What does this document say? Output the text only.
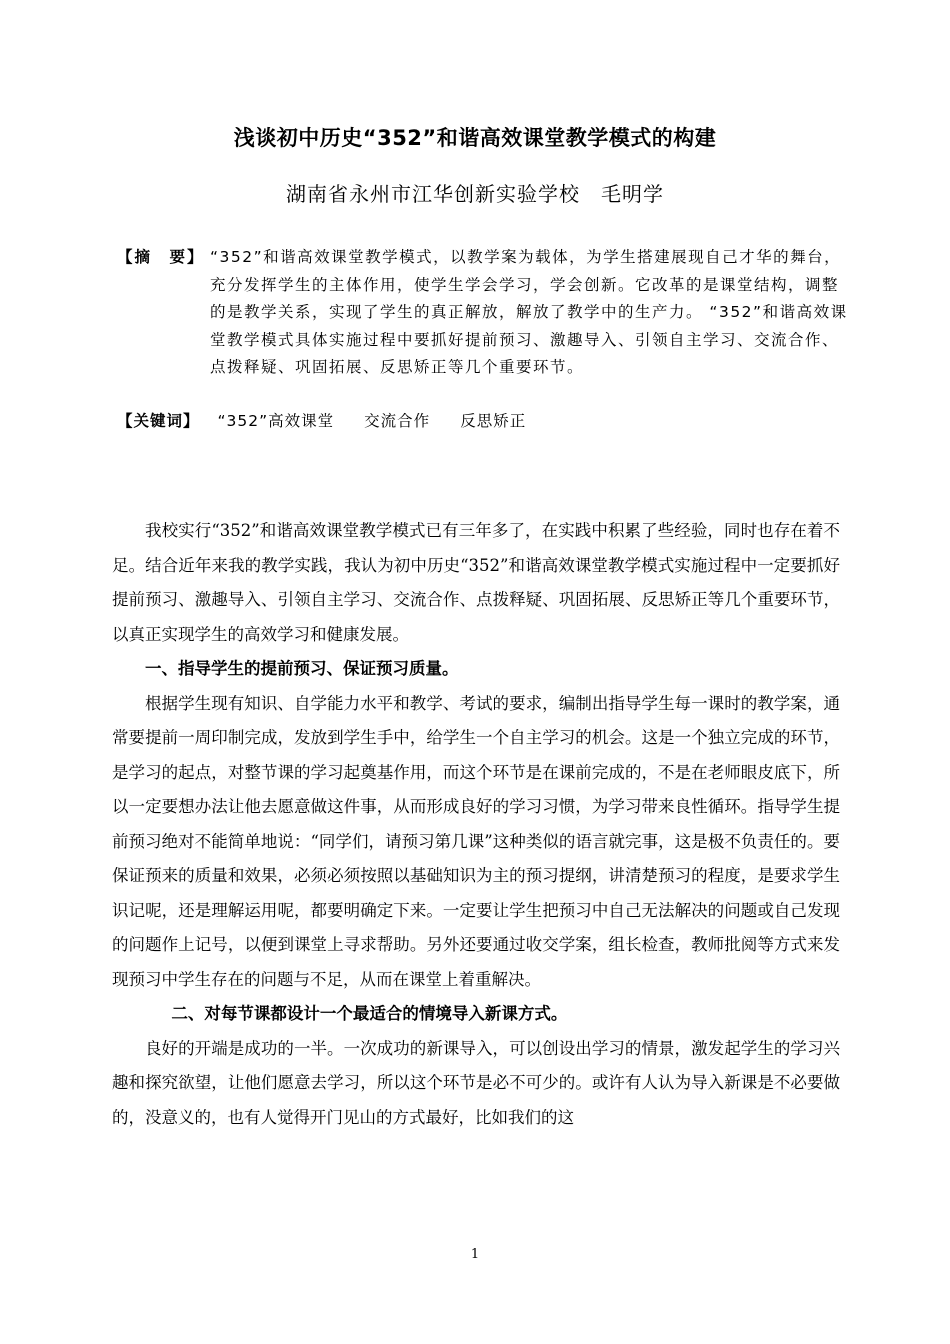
浅谈初中历史“352”和谐高效课堂教学模式的构建
湖南省永州市江华创新实验学校　毛明学
【摘　要】 “352”和谐高效课堂教学模式，以教学案为载体，为学生搭建展现自己才华的舞台，充分发挥学生的主体作用，使学生学会学习，学会创新。它改革的是课堂结构，调整的是教学关系，实现了学生的真正解放，解放了教学中的生产力。 “352”和谐高效课堂教学模式具体实施过程中要抓好提前预习、激趣导入、引领自主学习、交流合作、点拨释疑、巩固拓展、反思矫正等几个重要环节。
【关键词】 “352”高效课堂 交流合作 反思矫正

我校实行“352”和谐高效课堂教学模式已有三年多了，在实践中积累了些经验，同时也存在着不足。结合近年来我的教学实践，我认为初中历史“352”和谐高效课堂教学模式实施过程中一定要抓好提前预习、激趣导入、引领自主学习、交流合作、点拨释疑、巩固拓展、反思矫正等几个重要环节，以真正实现学生的高效学习和健康发展。

一、指导学生的提前预习、保证预习质量。

根据学生现有知识、自学能力水平和教学、考试的要求，编制出指导学生每一课时的教学案，通常要提前一周印制完成，发放到学生手中，给学生一个自主学习的机会。这是一个独立完成的环节，是学习的起点，对整节课的学习起奠基作用，而这个环节是在课前完成的，不是在老师眼皮底下，所以一定要想办法让他去愿意做这件事，从而形成良好的学习习惯，为学习带来良性循环。指导学生提前预习绝对不能简单地说：“同学们，请预习第几课”这种类似的语言就完事，这是极不负责任的。要保证预来的质量和效果，必须必须按照以基础知识为主的预习提纲，讲清楚预习的程度，是要求学生识记呢，还是理解运用呢，都要明确定下来。一定要让学生把预习中自己无法解决的问题或自己发现的问题作上记号，以便到课堂上寻求帮助。另外还要通过收交学案，组长检查，教师批阅等方式来发现预习中学生存在的问题与不足，从而在课堂上着重解决。

二、对每节课都设计一个最适合的情境导入新课方式。

良好的开端是成功的一半。一次成功的新课导入，可以创设出学习的情景，激发起学生的学习兴趣和探究欲望，让他们愿意去学习，所以这个环节是必不可少的。或许有人认为导入新课是不必要做的，没意义的，也有人觉得开门见山的方式最好，比如我们的这

1
